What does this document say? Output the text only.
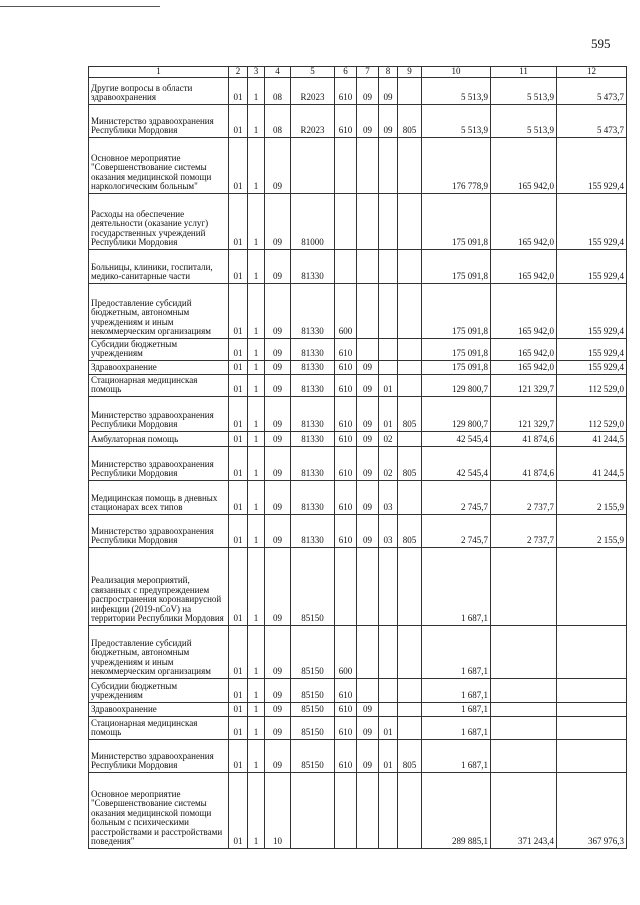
595
1	2	3	4	5	6	7	8	9	10	11	12
Другие вопросы в области здравоохранения	01	1	08	R2023	610	09	09		5 513,9	5 513,9	5 473,7
Министерство здравоохранения Республики Мордовия	01	1	08	R2023	610	09	09	805	5 513,9	5 513,9	5 473,7
Основное мероприятие "Совершенствование системы оказания медицинской помощи наркологическим больным"	01	1	09						176 778,9	165 942,0	155 929,4
Расходы на обеспечение деятельности (оказание услуг) государственных учреждений Республики Мордовия	01	1	09	81000					175 091,8	165 942,0	155 929,4
Больницы, клиники, госпитали, медико-санитарные части	01	1	09	81330					175 091,8	165 942,0	155 929,4
Предоставление субсидий бюджетным, автономным учреждениям и иным некоммерческим организациям	01	1	09	81330	600				175 091,8	165 942,0	155 929,4
Субсидии бюджетным учреждениям	01	1	09	81330	610				175 091,8	165 942,0	155 929,4
Здравоохранение	01	1	09	81330	610	09			175 091,8	165 942,0	155 929,4
Стационарная медицинская помощь	01	1	09	81330	610	09	01		129 800,7	121 329,7	112 529,0
Министерство здравоохранения Республики Мордовия	01	1	09	81330	610	09	01	805	129 800,7	121 329,7	112 529,0
Амбулаторная помощь	01	1	09	81330	610	09	02		42 545,4	41 874,6	41 244,5
Министерство здравоохранения Республики Мордовия	01	1	09	81330	610	09	02	805	42 545,4	41 874,6	41 244,5
Медицинская помощь в дневных стационарах всех типов	01	1	09	81330	610	09	03		2 745,7	2 737,7	2 155,9
Министерство здравоохранения Республики Мордовия	01	1	09	81330	610	09	03	805	2 745,7	2 737,7	2 155,9
Реализация мероприятий, связанных с предупреждением распространения коронавирусной инфекции (2019-nCoV) на территории Республики Мордовия	01	1	09	85150					1 687,1		
Предоставление субсидий бюджетным, автономным учреждениям и иным некоммерческим организациям	01	1	09	85150	600				1 687,1		
Субсидии бюджетным учреждениям	01	1	09	85150	610				1 687,1		
Здравоохранение	01	1	09	85150	610	09			1 687,1		
Стационарная медицинская помощь	01	1	09	85150	610	09	01		1 687,1		
Министерство здравоохранения Республики Мордовия	01	1	09	85150	610	09	01	805	1 687,1		
Основное мероприятие "Совершенствование системы оказания медицинской помощи больным с психическими расстройствами и расстройствами поведения"	01	1	10						289 885,1	371 243,4	367 976,3
